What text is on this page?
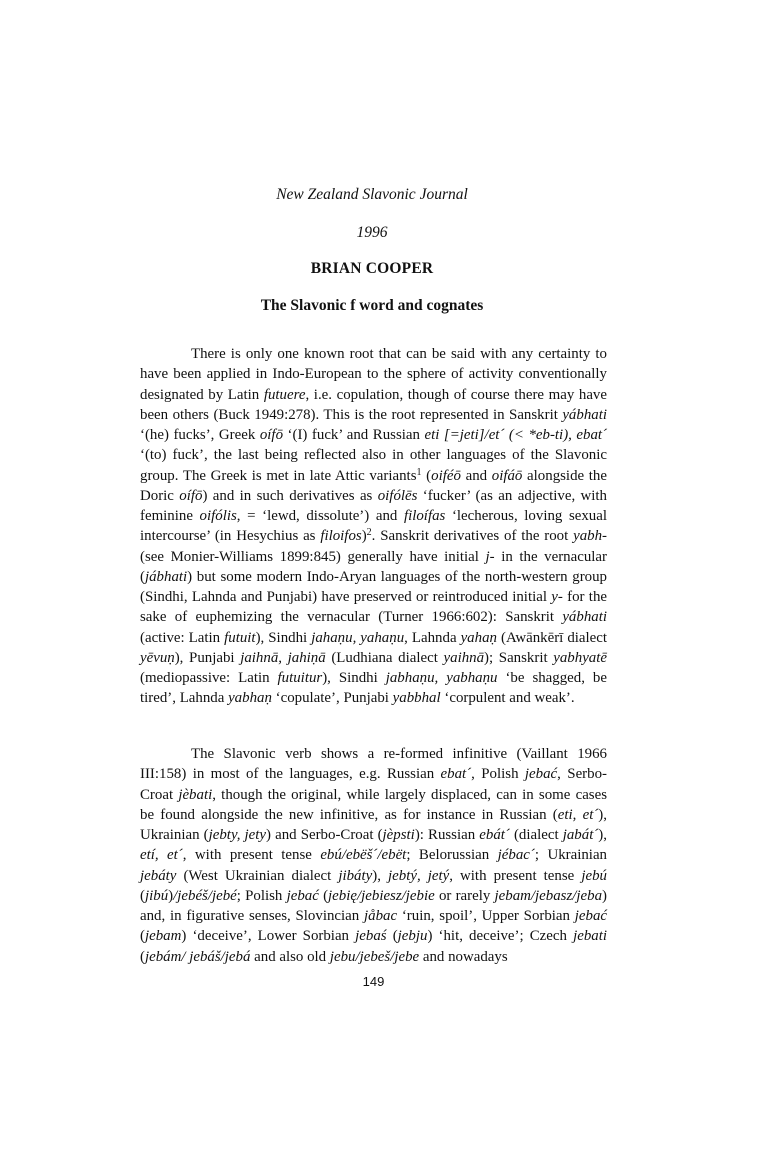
New Zealand Slavonic Journal
1996
BRIAN COOPER
The Slavonic f word and cognates

There is only one known root that can be said with any certainty to have been applied in Indo-European to the sphere of activity conventionally designated by Latin futuere, i.e. copulation, though of course there may have been others (Buck 1949:278). This is the root represented in Sanskrit yábhati ‘(he) fucks’, Greek oífō ‘(I) fuck’ and Russian eti [=jeti]/et´ (< *eb-ti), ebat´ ‘(to) fuck’, the last being reflected also in other languages of the Slavonic group. The Greek is met in late Attic variants$^1$ (oiféō and oifáō alongside the Doric oífō) and in such derivatives as oifólēs ‘fucker’ (as an adjective, with feminine oifólis, = ‘lewd, dissolute’) and filoífas ‘lecherous, loving sexual intercourse’ (in Hesychius as filoifos)$^2$. Sanskrit derivatives of the root yabh- (see Monier-Williams 1899:845) generally have initial j- in the vernacular (jábhati) but some modern Indo-Aryan languages of the north-western group (Sindhi, Lahnda and Punjabi) have preserved or reintroduced initial y- for the sake of euphemizing the vernacular (Turner 1966:602): Sanskrit yábhati (active: Latin futuit), Sindhi jahaṇu, yahaṇu, Lahnda yahaṇ (Awānkērī dialect yēvuṇ), Punjabi jaihnā, jahiṇā (Ludhiana dialect yaihnā); Sanskrit yabhyatē (mediopassive: Latin futuitur), Sindhi jabhaṇu, yabhaṇu ‘be shagged, be tired’, Lahnda yabhaṇ ‘copulate’, Punjabi yabbhal ‘corpulent and weak’.

The Slavonic verb shows a re-formed infinitive (Vaillant 1966 III:158) in most of the languages, e.g. Russian ebat´, Polish jebać, Serbo-Croat jèbati, though the original, while largely displaced, can in some cases be found alongside the new infinitive, as for instance in Russian (eti, et´), Ukrainian (jebty, jety) and Serbo-Croat (jèpsti): Russian ebát´ (dialect jabát´), etí, et´, with present tense ebú/ebëš´/ebët; Belorussian jébac´; Ukrainian jebáty (West Ukrainian dialect jibáty), jebtý, jetý, with present tense jebú (jibú)/jebéš/jebé; Polish jebać (jebię/jebiesz/jebie or rarely jebam/jebasz/jeba) and, in figurative senses, Slovincian jåbac ‘ruin, spoil’, Upper Sorbian jebać (jebam) ‘deceive’, Lower Sorbian jebaś (jebju) ‘hit, deceive’; Czech jebati (jebám/ jebáš/jebá and also old jebu/jebeš/jebe and nowadays

149
